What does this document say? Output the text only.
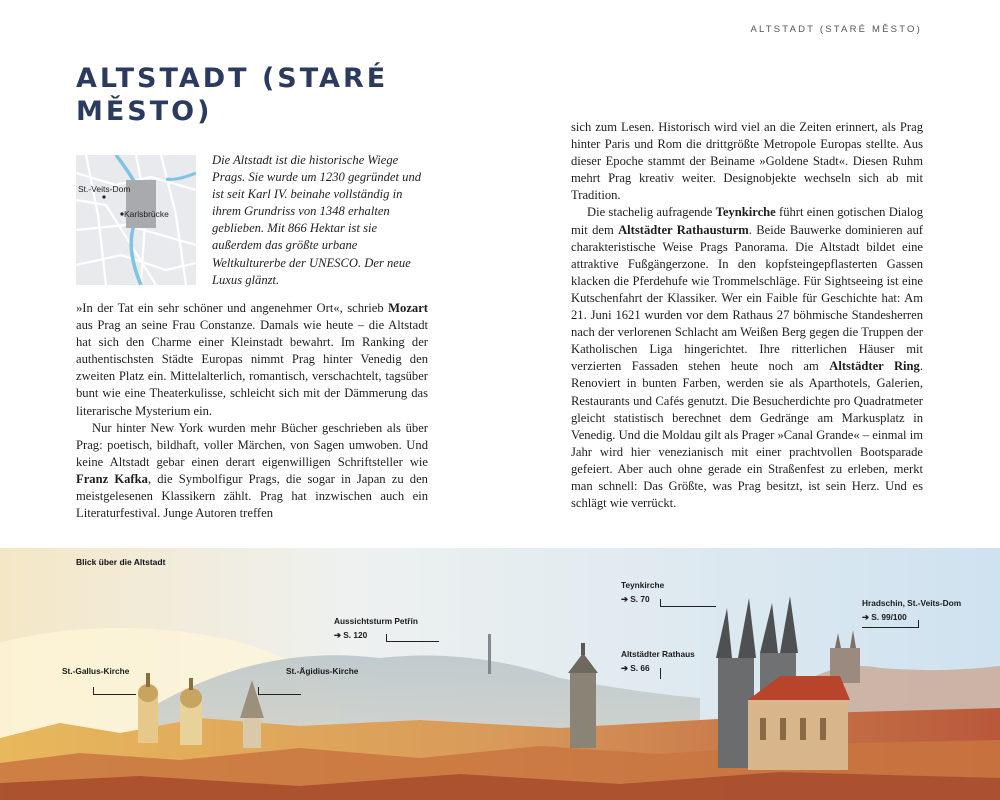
ALTSTADT (STARÉ MĚSTO)
ALTSTADT (STARÉ MĚSTO)
St.-Veits-Dom
Karlsbrücke

Die Altstadt ist die historische Wiege Prags. Sie wurde um 1230 gegründet und ist seit Karl IV. beinahe vollständig in ihrem Grundriss von 1348 erhalten geblieben. Mit 866 Hektar ist sie außerdem das größte urbane Weltkulturerbe der UNESCO. Der neue Luxus glänzt.

»In der Tat ein sehr schöner und angenehmer Ort«, schrieb Mozart aus Prag an seine Frau Constanze. Damals wie heute – die Altstadt hat sich den Charme einer Kleinstadt bewahrt. Im Ranking der authentischsten Städte Europas nimmt Prag hinter Venedig den zweiten Platz ein. Mittelalterlich, romantisch, verschachtelt, tagsüber bunt wie eine Theaterkulisse, schleicht sich mit der Dämmerung das literarische Mysterium ein.

Nur hinter New York wurden mehr Bücher geschrieben als über Prag: poetisch, bildhaft, voller Märchen, von Sagen umwoben. Und keine Altstadt gebar einen derart eigenwilligen Schriftsteller wie Franz Kafka, die Symbolfigur Prags, die sogar in Japan zu den meistgelesenen Klassikern zählt. Prag hat inzwischen auch ein Literaturfestival. Junge Autoren treffen

sich zum Lesen. Historisch wird viel an die Zeiten erinnert, als Prag hinter Paris und Rom die drittgrößte Metropole Europas stellte. Aus dieser Epoche stammt der Beiname »Goldene Stadt«. Diesen Ruhm mehrt Prag kreativ weiter. Designobjekte wechseln sich ab mit Tradition.

Die stachelig aufragende Teynkirche führt einen gotischen Dialog mit dem Altstädter Rathausturm. Beide Bauwerke dominieren auf charakteristische Weise Prags Panorama. Die Altstadt bildet eine attraktive Fußgängerzone. In den kopfsteingepflasterten Gassen klacken die Pferdehufe wie Trommelschläge. Für Sightseeing ist eine Kutschenfahrt der Klassiker. Wer ein Faible für Geschichte hat: Am 21. Juni 1621 wurden vor dem Rathaus 27 böhmische Standesherren nach der verlorenen Schlacht am Weißen Berg gegen die Truppen der Katholischen Liga hingerichtet. Ihre ritterlichen Häuser mit verzierten Fassaden stehen heute noch am Altstädter Ring. Renoviert in bunten Farben, werden sie als Aparthotels, Galerien, Restaurants und Cafés genutzt. Die Besucherdichte pro Quadratmeter gleicht statistisch berechnet dem Gedränge am Markusplatz in Venedig. Und die Moldau gilt als Prager »Canal Grande« – einmal im Jahr wird hier venezianisch mit einer prachtvollen Bootsparade gefeiert. Aber auch ohne gerade ein Straßenfest zu erleben, merkt man schnell: Das Größte, was Prag besitzt, ist sein Herz. Und es schlägt wie verrückt.

Blick über die Altstadt
St.-Gallus-Kirche	St.-Ägidius-Kirche
Aussichtsturm Petřín
➔ S. 120
Teynkirche
➔ S. 70
Altstädter Rathaus
➔ S. 66
Hradschin, St.-Veits-Dom
➔ S. 99/100
